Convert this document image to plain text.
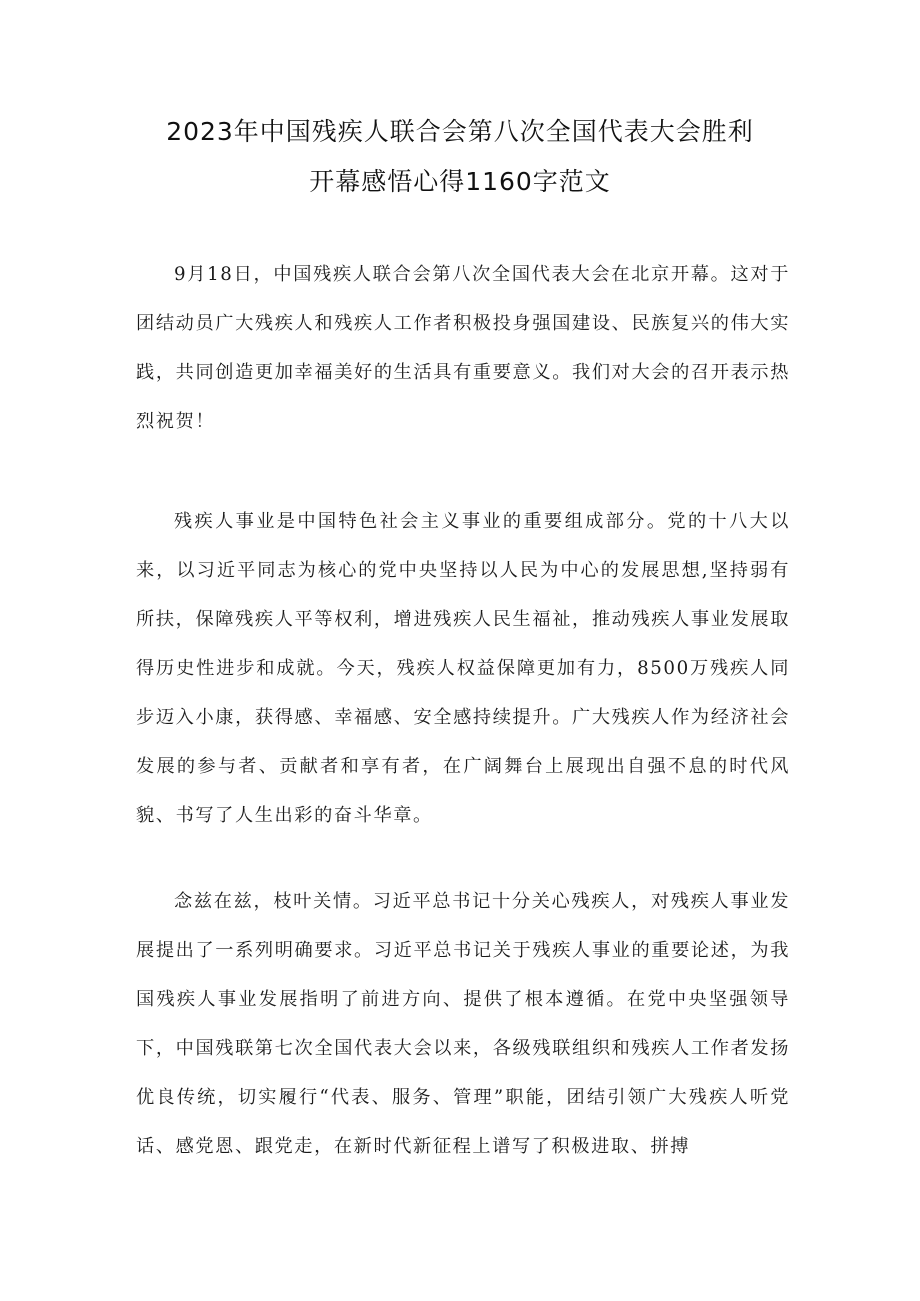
2023年中国残疾人联合会第八次全国代表大会胜利
开幕感悟心得1160字范文

9月18日，中国残疾人联合会第八次全国代表大会在北京开幕。这对于团结动员广大残疾人和残疾人工作者积极投身强国建设、民族复兴的伟大实践，共同创造更加幸福美好的生活具有重要意义。我们对大会的召开表示热烈祝贺！

残疾人事业是中国特色社会主义事业的重要组成部分。党的十八大以来，以习近平同志为核心的党中央坚持以人民为中心的发展思想,坚持弱有所扶，保障残疾人平等权利，增进残疾人民生福祉，推动残疾人事业发展取得历史性进步和成就。今天，残疾人权益保障更加有力，8500万残疾人同步迈入小康，获得感、幸福感、安全感持续提升。广大残疾人作为经济社会发展的参与者、贡献者和享有者，在广阔舞台上展现出自强不息的时代风貌、书写了人生出彩的奋斗华章。

念兹在兹，枝叶关情。习近平总书记十分关心残疾人，对残疾人事业发展提出了一系列明确要求。习近平总书记关于残疾人事业的重要论述，为我国残疾人事业发展指明了前进方向、提供了根本遵循。在党中央坚强领导下，中国残联第七次全国代表大会以来，各级残联组织和残疾人工作者发扬优良传统，切实履行“代表、服务、管理”职能，团结引领广大残疾人听党话、感党恩、跟党走，在新时代新征程上谱写了积极进取、拼搏
